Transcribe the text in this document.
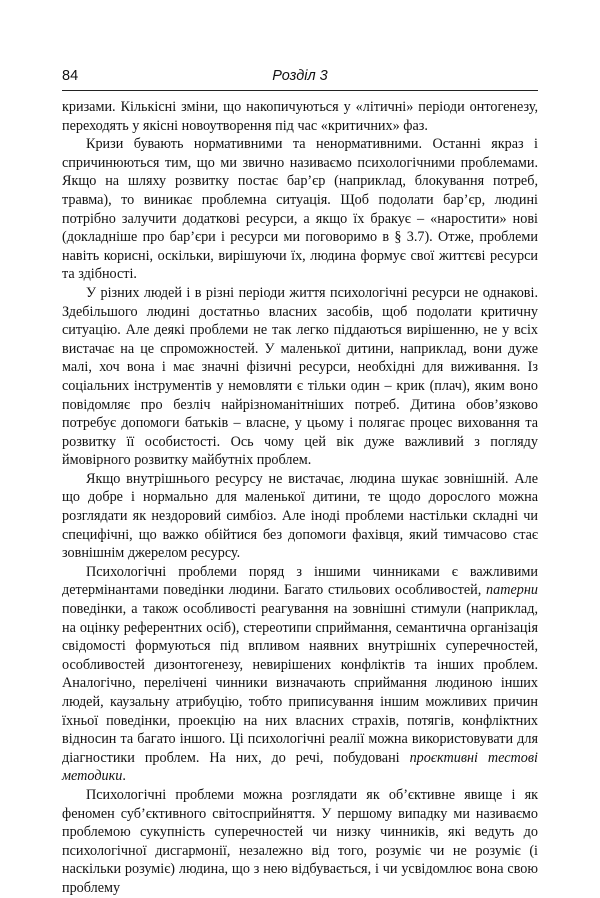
84	Розділ 3

кризами. Кількісні зміни, що накопичуються у «літичні» періоди онтогенезу, переходять у якісні новоутворення під час «критичних» фаз.

Кризи бувають нормативними та ненормативними. Останні якраз і спричинюються тим, що ми звично називаємо психологічними проблемами. Якщо на шляху розвитку постає бар’єр (наприклад, блокування потреб, травма), то виникає проблемна ситуація. Щоб подолати бар’єр, людині потрібно залучити додаткові ресурси, а якщо їх бракує – «наростити» нові (докладніше про бар’єри і ресурси ми поговоримо в § 3.7). Отже, проблеми навіть корисні, оскільки, вирішуючи їх, людина формує свої життєві ресурси та здібності.

У різних людей і в різні періоди життя психологічні ресурси не однакові. Здебільшого людині достатньо власних засобів, щоб подолати критичну ситуацію. Але деякі проблеми не так легко піддаються вирішенню, не у всіх вистачає на це спроможностей. У маленької дитини, наприклад, вони дуже малі, хоч вона і має значні фізичні ресурси, необхідні для виживання. Із соціальних інструментів у немовляти є тільки один – крик (плач), яким воно повідомляє про безліч найрізноманітніших потреб. Дитина обов’язково потребує допомоги батьків – власне, у цьому і полягає процес виховання та розвитку її особистості. Ось чому цей вік дуже важливий з погляду ймовірного розвитку майбутніх проблем.

Якщо внутрішнього ресурсу не вистачає, людина шукає зовнішній. Але що добре і нормально для маленької дитини, те щодо дорослого можна розглядати як нездоровий симбіоз. Але іноді проблеми настільки складні чи специфічні, що важко обійтися без допомоги фахівця, який тимчасово стає зовнішнім джерелом ресурсу.

Психологічні проблеми поряд з іншими чинниками є важливими детермінантами поведінки людини. Багато стильових особливостей, патерни поведінки, а також особливості реагування на зовнішні стимули (наприклад, на оцінку референтних осіб), стереотипи сприймання, семантична організація свідомості формуються під впливом наявних внутрішніх суперечностей, особливостей дизонтогенезу, невирішених конфліктів та інших проблем. Аналогічно, перелічені чинники визначають сприймання людиною інших людей, каузальну атрибуцію, тобто приписування іншим можливих причин їхньої поведінки, проекцію на них власних страхів, потягів, конфліктних відносин та багато іншого. Ці психологічні реалії можна використовувати для діагностики проблем. На них, до речі, побудовані проєктивні тестові методики.

Психологічні проблеми можна розглядати як об’єктивне явище і як феномен суб’єктивного світосприйняття. У першому випадку ми називаємо проблемою сукупність суперечностей чи низку чинників, які ведуть до психологічної дисгармонії, незалежно від того, розуміє чи не розуміє (і наскільки розуміє) людина, що з нею відбувається, і чи усвідомлює вона свою проблему
